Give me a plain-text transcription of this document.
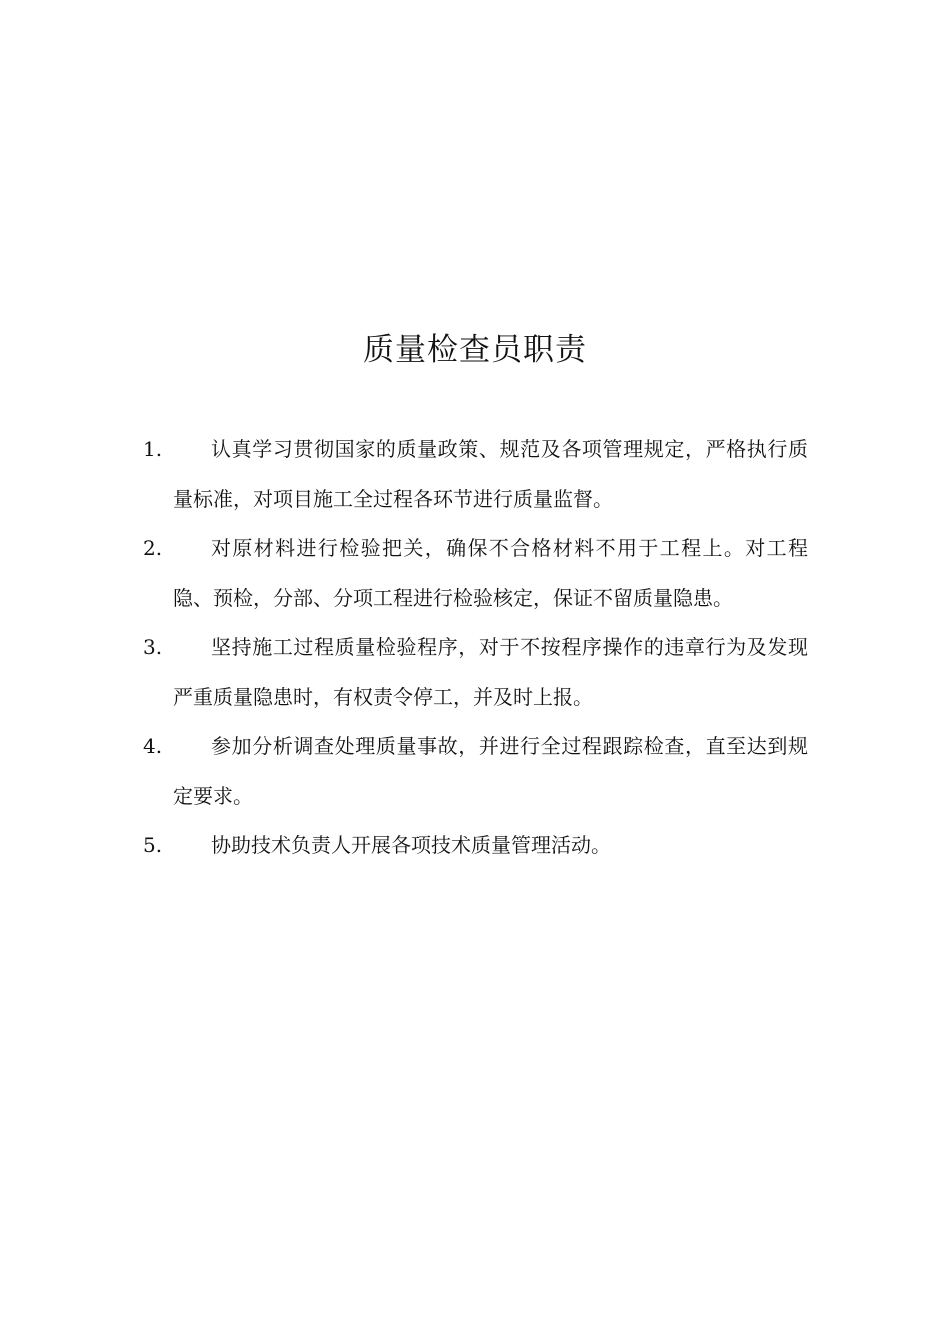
质量检查员职责
1.	认真学习贯彻国家的质量政策、规范及各项管理规定，严格执行质量标准，对项目施工全过程各环节进行质量监督。
2.	对原材料进行检验把关，确保不合格材料不用于工程上。对工程隐、预检，分部、分项工程进行检验核定，保证不留质量隐患。
3.	坚持施工过程质量检验程序，对于不按程序操作的违章行为及发现严重质量隐患时，有权责令停工，并及时上报。
4.	参加分析调查处理质量事故，并进行全过程跟踪检查，直至达到规定要求。
5.	协助技术负责人开展各项技术质量管理活动。
